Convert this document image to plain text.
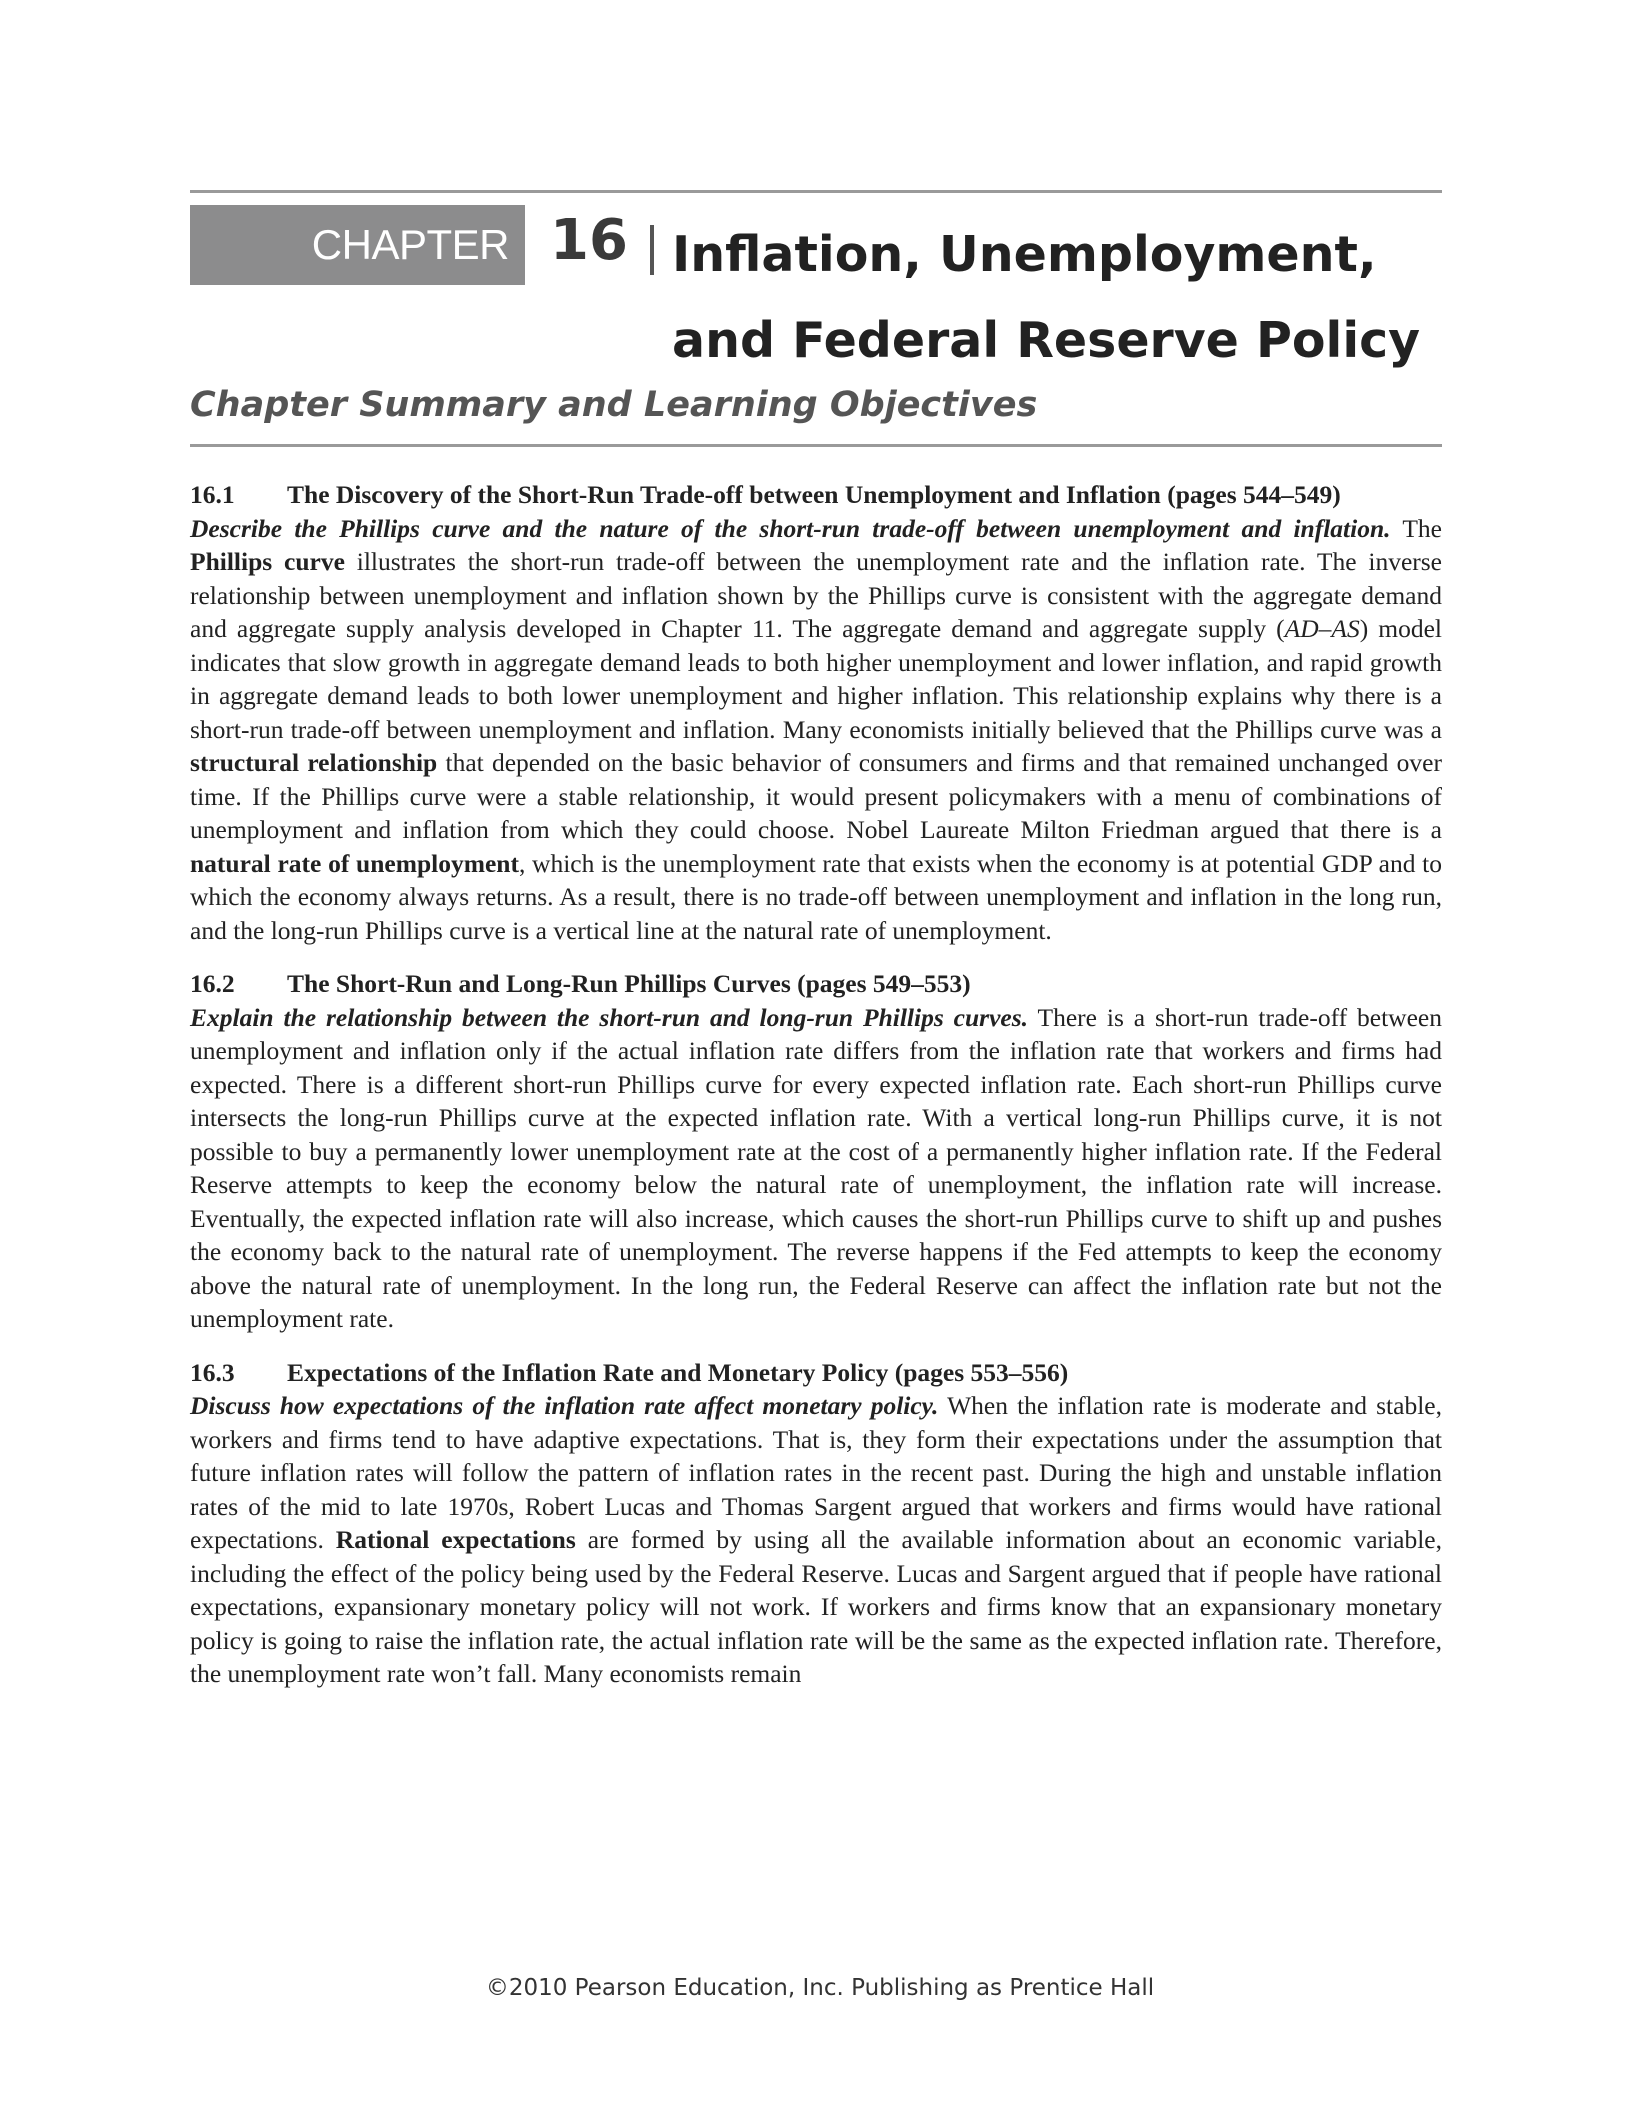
CHAPTER 16 Inflation, Unemployment, and Federal Reserve Policy
Chapter Summary and Learning Objectives
16.1	The Discovery of the Short-Run Trade-off between Unemployment and Inflation (pages 544–549)
Describe the Phillips curve and the nature of the short-run trade-off between unemployment and inflation. The Phillips curve illustrates the short-run trade-off between the unemployment rate and the inflation rate. The inverse relationship between unemployment and inflation shown by the Phillips curve is consistent with the aggregate demand and aggregate supply analysis developed in Chapter 11. The aggregate demand and aggregate supply (AD–AS) model indicates that slow growth in aggregate demand leads to both higher unemployment and lower inflation, and rapid growth in aggregate demand leads to both lower unemployment and higher inflation. This relationship explains why there is a short-run trade-off between unemployment and inflation. Many economists initially believed that the Phillips curve was a structural relationship that depended on the basic behavior of consumers and firms and that remained unchanged over time. If the Phillips curve were a stable relationship, it would present policymakers with a menu of combinations of unemployment and inflation from which they could choose. Nobel Laureate Milton Friedman argued that there is a natural rate of unemployment, which is the unemployment rate that exists when the economy is at potential GDP and to which the economy always returns. As a result, there is no trade-off between unemployment and inflation in the long run, and the long-run Phillips curve is a vertical line at the natural rate of unemployment.
16.2	The Short-Run and Long-Run Phillips Curves (pages 549–553)
Explain the relationship between the short-run and long-run Phillips curves. There is a short-run trade-off between unemployment and inflation only if the actual inflation rate differs from the inflation rate that workers and firms had expected. There is a different short-run Phillips curve for every expected inflation rate. Each short-run Phillips curve intersects the long-run Phillips curve at the expected inflation rate. With a vertical long-run Phillips curve, it is not possible to buy a permanently lower unemployment rate at the cost of a permanently higher inflation rate. If the Federal Reserve attempts to keep the economy below the natural rate of unemployment, the inflation rate will increase. Eventually, the expected inflation rate will also increase, which causes the short-run Phillips curve to shift up and pushes the economy back to the natural rate of unemployment. The reverse happens if the Fed attempts to keep the economy above the natural rate of unemployment. In the long run, the Federal Reserve can affect the inflation rate but not the unemployment rate.
16.3	Expectations of the Inflation Rate and Monetary Policy (pages 553–556)
Discuss how expectations of the inflation rate affect monetary policy. When the inflation rate is moderate and stable, workers and firms tend to have adaptive expectations. That is, they form their expectations under the assumption that future inflation rates will follow the pattern of inflation rates in the recent past. During the high and unstable inflation rates of the mid to late 1970s, Robert Lucas and Thomas Sargent argued that workers and firms would have rational expectations. Rational expectations are formed by using all the available information about an economic variable, including the effect of the policy being used by the Federal Reserve. Lucas and Sargent argued that if people have rational expectations, expansionary monetary policy will not work. If workers and firms know that an expansionary monetary policy is going to raise the inflation rate, the actual inflation rate will be the same as the expected inflation rate. Therefore, the unemployment rate won’t fall. Many economists remain
©2010 Pearson Education, Inc. Publishing as Prentice Hall
